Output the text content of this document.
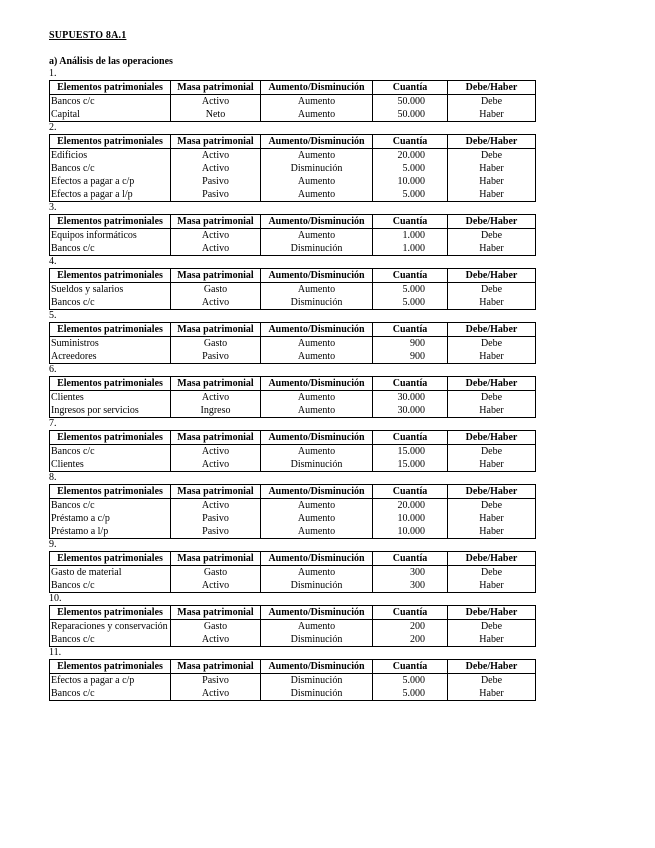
SUPUESTO 8A.1
a) Análisis de las operaciones
1.
Elementos patrimoniales	Masa patrimonial	Aumento/Disminución	Cuantía	Debe/Haber
Bancos c/c	Activo	Aumento	50.000	Debe
Capital	Neto	Aumento	50.000	Haber
2.
Elementos patrimoniales	Masa patrimonial	Aumento/Disminución	Cuantía	Debe/Haber
Edificios	Activo	Aumento	20.000	Debe
Bancos c/c	Activo	Disminución	5.000	Haber
Efectos a pagar a c/p	Pasivo	Aumento	10.000	Haber
Efectos a pagar a l/p	Pasivo	Aumento	5.000	Haber
3.
Elementos patrimoniales	Masa patrimonial	Aumento/Disminución	Cuantía	Debe/Haber
Equipos informáticos	Activo	Aumento	1.000	Debe
Bancos c/c	Activo	Disminución	1.000	Haber
4.
Elementos patrimoniales	Masa patrimonial	Aumento/Disminución	Cuantía	Debe/Haber
Sueldos y salarios	Gasto	Aumento	5.000	Debe
Bancos c/c	Activo	Disminución	5.000	Haber
5.
Elementos patrimoniales	Masa patrimonial	Aumento/Disminución	Cuantía	Debe/Haber
Suministros	Gasto	Aumento	900	Debe
Acreedores	Pasivo	Aumento	900	Haber
6.
Elementos patrimoniales	Masa patrimonial	Aumento/Disminución	Cuantía	Debe/Haber
Clientes	Activo	Aumento	30.000	Debe
Ingresos por servicios	Ingreso	Aumento	30.000	Haber
7.
Elementos patrimoniales	Masa patrimonial	Aumento/Disminución	Cuantía	Debe/Haber
Bancos c/c	Activo	Aumento	15.000	Debe
Clientes	Activo	Disminución	15.000	Haber
8.
Elementos patrimoniales	Masa patrimonial	Aumento/Disminución	Cuantía	Debe/Haber
Bancos c/c	Activo	Aumento	20.000	Debe
Préstamo a c/p	Pasivo	Aumento	10.000	Haber
Préstamo a l/p	Pasivo	Aumento	10.000	Haber
9.
Elementos patrimoniales	Masa patrimonial	Aumento/Disminución	Cuantía	Debe/Haber
Gasto de material	Gasto	Aumento	300	Debe
Bancos c/c	Activo	Disminución	300	Haber
10.
Elementos patrimoniales	Masa patrimonial	Aumento/Disminución	Cuantía	Debe/Haber
Reparaciones y conservación	Gasto	Aumento	200	Debe
Bancos c/c	Activo	Disminución	200	Haber
11.
Elementos patrimoniales	Masa patrimonial	Aumento/Disminución	Cuantía	Debe/Haber
Efectos a pagar a c/p	Pasivo	Disminución	5.000	Debe
Bancos c/c	Activo	Disminución	5.000	Haber
